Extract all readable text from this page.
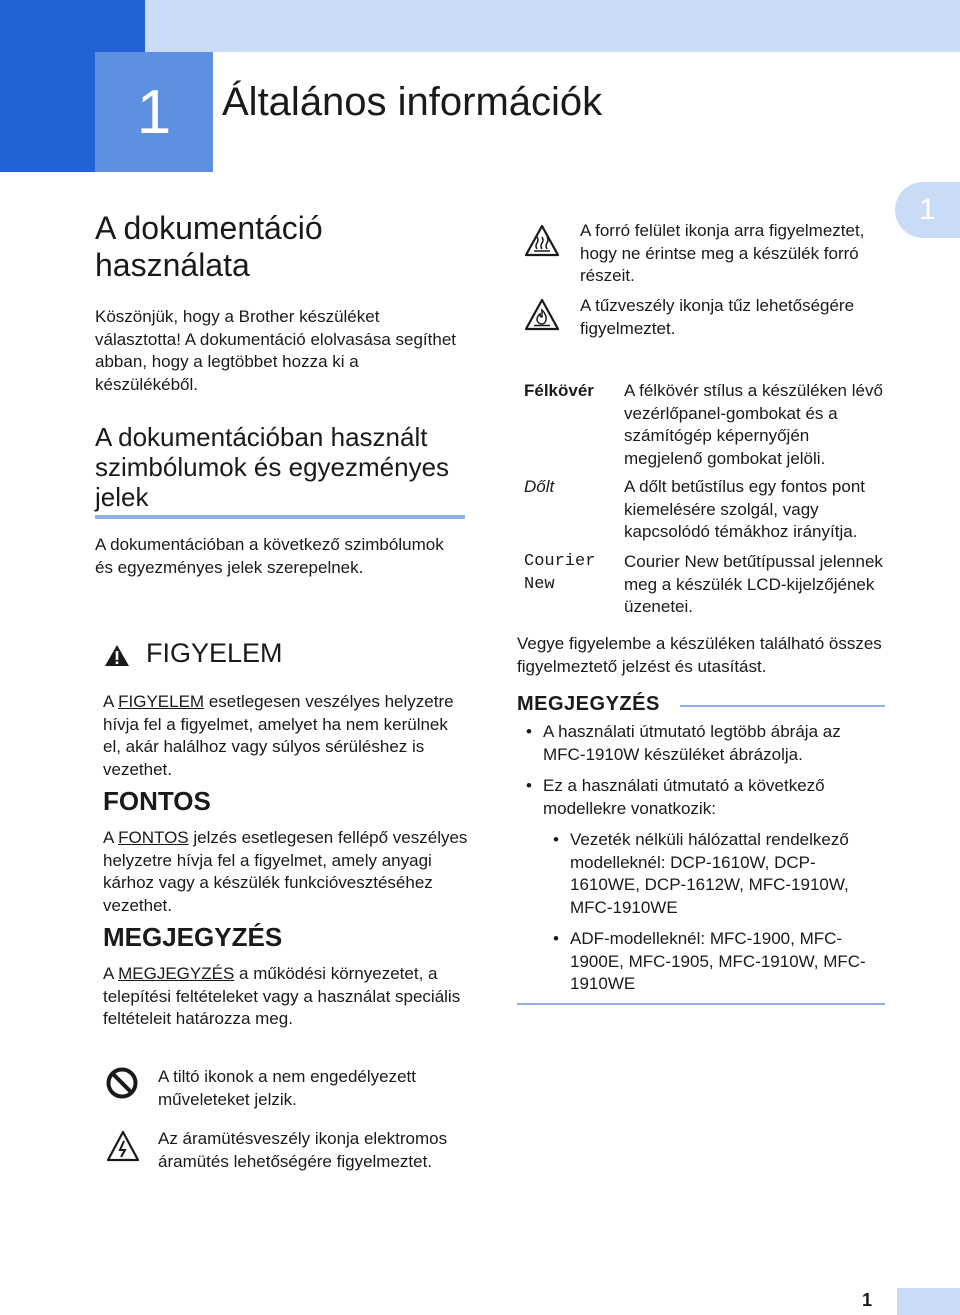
1 Általános információk
1
A dokumentáció használata

Köszönjük, hogy a Brother készüléket választotta! A dokumentáció elolvasása segíthet abban, hogy a legtöbbet hozza ki a készülékéből.

A dokumentációban használt szimbólumok és egyezményes jelek

A dokumentációban a következő szimbólumok és egyezményes jelek szerepelnek.

FIGYELEM

A FIGYELEM esetlegesen veszélyes helyzetre hívja fel a figyelmet, amelyet ha nem kerülnek el, akár halálhoz vagy súlyos sérüléshez is vezethet.

FONTOS

A FONTOS jelzés esetlegesen fellépő veszélyes helyzetre hívja fel a figyelmet, amely anyagi kárhoz vagy a készülék funkcióvesztéséhez vezethet.

MEGJEGYZÉS

A MEGJEGYZÉS a működési környezetet, a telepítési feltételeket vagy a használat speciális feltételeit határozza meg.

A tiltó ikonok a nem engedélyezett műveleteket jelzik.

Az áramütésveszély ikonja elektromos áramütés lehetőségére figyelmeztet.

A forró felület ikonja arra figyelmeztet, hogy ne érintse meg a készülék forró részeit.

A tűzveszély ikonja tűz lehetőségére figyelmeztet.

Félkövér A félkövér stílus a készüléken lévő vezérlőpanel-gombokat és a számítógép képernyőjén megjelenő gombokat jelöli.

Dőlt	A dőlt betűstílus egy fontos pont kiemelésére szolgál, vagy kapcsolódó témákhoz irányítja.

Courier New

Courier New betűtípussal jelennek meg a készülék LCD-kijelzőjének üzenetei.

Vegye figyelembe a készüléken található összes figyelmeztető jelzést és utasítást.

MEGJEGYZÉS
• A használati útmutató legtöbb ábrája az MFC-1910W készüléket ábrázolja.
• Ez a használati útmutató a következő modellekre vonatkozik:
• Vezeték nélküli hálózattal rendelkező modelleknél: DCP-1610W, DCP-1610WE, DCP-1612W, MFC-1910W, MFC-1910WE
• ADF-modelleknél: MFC-1900, MFC-1900E, MFC-1905, MFC-1910W, MFC-1910WE
1
